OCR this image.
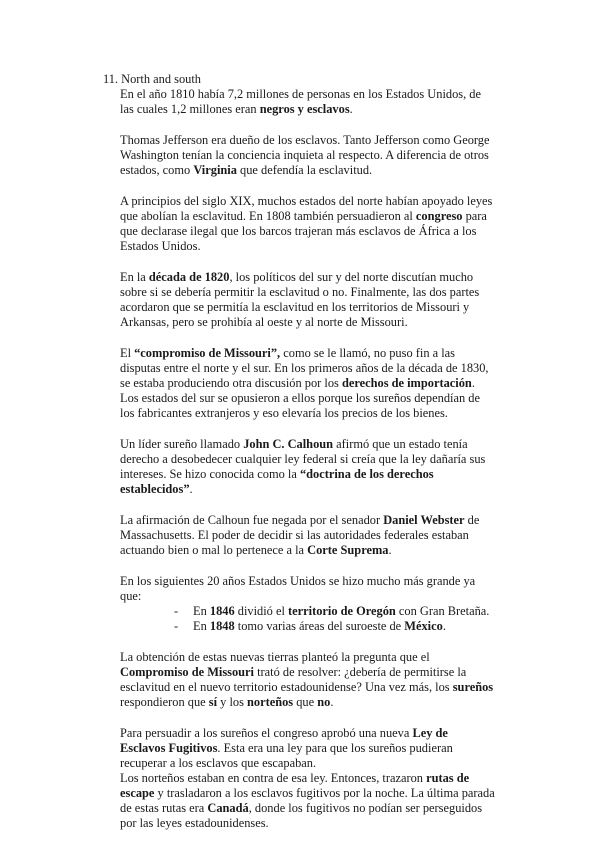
11. North and south

En el año 1810 había 7,2 millones de personas en los Estados Unidos, de las cuales 1,2 millones eran negros y esclavos.

Thomas Jefferson era dueño de los esclavos. Tanto Jefferson como George Washington tenían la conciencia inquieta al respecto. A diferencia de otros estados, como Virginia que defendía la esclavitud.

A principios del siglo XIX, muchos estados del norte habían apoyado leyes que abolían la esclavitud. En 1808 también persuadieron al congreso para que declarase ilegal que los barcos trajeran más esclavos de África a los Estados Unidos.

En la década de 1820, los políticos del sur y del norte discutían mucho sobre si se debería permitir la esclavitud o no. Finalmente, las dos partes acordaron que se permitía la esclavitud en los territorios de Missouri y Arkansas, pero se prohibía al oeste y al norte de Missouri.

El “compromiso de Missouri”, como se le llamó, no puso fin a las disputas entre el norte y el sur. En los primeros años de la década de 1830, se estaba produciendo otra discusión por los derechos de importación. Los estados del sur se opusieron a ellos porque los sureños dependían de los fabricantes extranjeros y eso elevaría los precios de los bienes.

Un líder sureño llamado John C. Calhoun afirmó que un estado tenía derecho a desobedecer cualquier ley federal si creía que la ley dañaría sus intereses. Se hizo conocida como la “doctrina de los derechos establecidos”.

La afirmación de Calhoun fue negada por el senador Daniel Webster de Massachusetts. El poder de decidir si las autoridades federales estaban actuando bien o mal lo pertenece a la Corte Suprema.

En los siguientes 20 años Estados Unidos se hizo mucho más grande ya que:

- En 1846 dividió el territorio de Oregón con Gran Bretaña.
- En 1848 tomo varias áreas del suroeste de México.

La obtención de estas nuevas tierras planteó la pregunta que el Compromiso de Missouri trató de resolver: ¿debería de permitirse la esclavitud en el nuevo territorio estadounidense? Una vez más, los sureños respondieron que sí y los norteños que no.

Para persuadir a los sureños el congreso aprobó una nueva Ley de Esclavos Fugitivos. Esta era una ley para que los sureños pudieran recuperar a los esclavos que escapaban.

Los norteños estaban en contra de esa ley. Entonces, trazaron rutas de escape y trasladaron a los esclavos fugitivos por la noche. La última parada de estas rutas era Canadá, donde los fugitivos no podían ser perseguidos por las leyes estadounidenses.
